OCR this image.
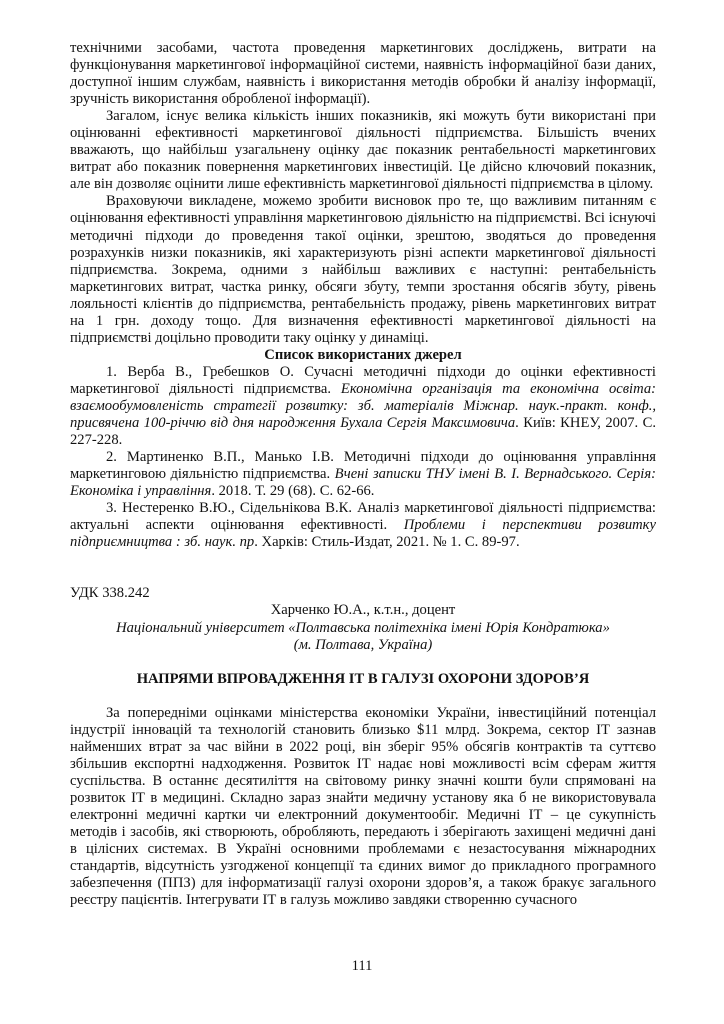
технічними засобами, частота проведення маркетингових досліджень, витрати на функціонування маркетингової інформаційної системи, наявність інформаційної бази даних, доступної іншим службам, наявність і використання методів обробки й аналізу інформації, зручність використання обробленої інформації).

Загалом, існує велика кількість інших показників, які можуть бути використані при оцінюванні ефективності маркетингової діяльності підприємства. Більшість вчених вважають, що найбільш узагальнену оцінку дає показник рентабельності маркетингових витрат або показник повернення маркетингових інвестицій. Це дійсно ключовий показник, але він дозволяє оцінити лише ефективність маркетингової діяльності підприємства в цілому.

Враховуючи викладене, можемо зробити висновок про те, що важливим питанням є оцінювання ефективності управління маркетинговою діяльністю на підприємстві. Всі існуючі методичні підходи до проведення такої оцінки, зрештою, зводяться до проведення розрахунків низки показників, які характеризують різні аспекти маркетингової діяльності підприємства. Зокрема, одними з найбільш важливих є наступні: рентабельність маркетингових витрат, частка ринку, обсяги збуту, темпи зростання обсягів збуту, рівень лояльності клієнтів до підприємства, рентабельність продажу, рівень маркетингових витрат на 1 грн. доходу тощо. Для визначення ефективності маркетингової діяльності на підприємстві доцільно проводити таку оцінку у динаміці.

Список використаних джерел

1. Верба В., Гребешков О. Сучасні методичні підходи до оцінки ефективності маркетингової діяльності підприємства. Економічна організація та економічна освіта: взаємообумовленість стратегії розвитку: зб. матеріалів Міжнар. наук.-практ. конф., присвячена 100-річчю від дня народження Бухала Сергія Максимовича. Київ: КНЕУ, 2007. С. 227-228.

2. Мартиненко В.П., Манько І.В. Методичні підходи до оцінювання управління маркетинговою діяльністю підприємства. Вчені записки ТНУ імені В. І. Вернадського. Серія: Економіка і управління. 2018. Т. 29 (68). С. 62-66.

3. Нестеренко В.Ю., Сідельнікова В.К. Аналіз маркетингової діяльності підприємства: актуальні аспекти оцінювання ефективності. Проблеми і перспективи розвитку підприємництва : зб. наук. пр. Харків: Стиль-Издат, 2021. № 1. С. 89-97.

УДК 338.242

Харченко Ю.А., к.т.н., доцент

Національний університет «Полтавська політехніка імені Юрія Кондратюка»

(м. Полтава, Україна)

НАПРЯМИ ВПРОВАДЖЕННЯ ІТ В ГАЛУЗІ ОХОРОНИ ЗДОРОВ’Я

За попередніми оцінками міністерства економіки України, інвестиційний потенціал індустрії інновацій та технологій становить близько $11 млрд. Зокрема, сектор ІТ зазнав найменших втрат за час війни в 2022 році, він зберіг 95% обсягів контрактів та суттєво збільшив експортні надходження. Розвиток ІТ надає нові можливості всім сферам життя суспільства. В останнє десятиліття на світовому ринку значні кошти були спрямовані на розвиток ІТ в медицині. Складно зараз знайти медичну установу яка б не використовувала електронні медичні картки чи електронний документообіг. Медичні ІТ – це сукупність методів і засобів, які створюють, обробляють, передають і зберігають захищені медичні дані в цілісних системах. В Україні основними проблемами є незастосування міжнародних стандартів, відсутність узгодженої концепції та єдиних вимог до прикладного програмного забезпечення (ППЗ) для інформатизації галузі охорони здоров’я, а також бракує загального реєстру пацієнтів. Інтегрувати ІТ в галузь можливо завдяки створенню сучасного

111
